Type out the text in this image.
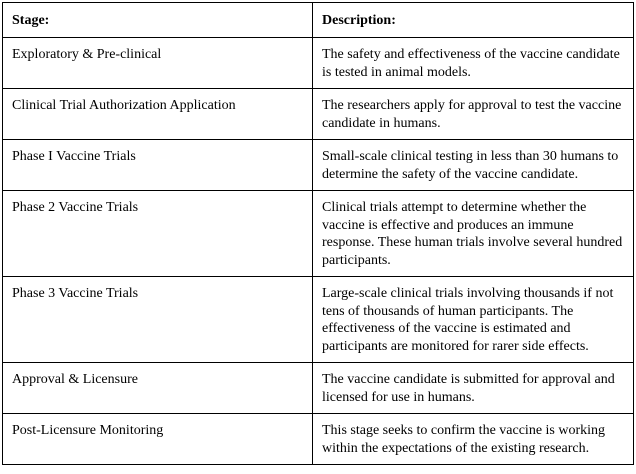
Stage:	Description:
Exploratory & Pre-clinical	The safety and effectiveness of the vaccine candidate is tested in animal models.
Clinical Trial Authorization Application	The researchers apply for approval to test the vaccine candidate in humans.
Phase I Vaccine Trials	Small-scale clinical testing in less than 30 humans to determine the safety of the vaccine candidate.
Phase 2 Vaccine Trials	Clinical trials attempt to determine whether the vaccine is effective and produces an immune response. These human trials involve several hundred participants.
Phase 3 Vaccine Trials	Large-scale clinical trials involving thousands if not tens of thousands of human participants. The effectiveness of the vaccine is estimated and participants are monitored for rarer side effects.
Approval & Licensure	The vaccine candidate is submitted for approval and licensed for use in humans.
Post-Licensure Monitoring	This stage seeks to confirm the vaccine is working within the expectations of the existing research.
